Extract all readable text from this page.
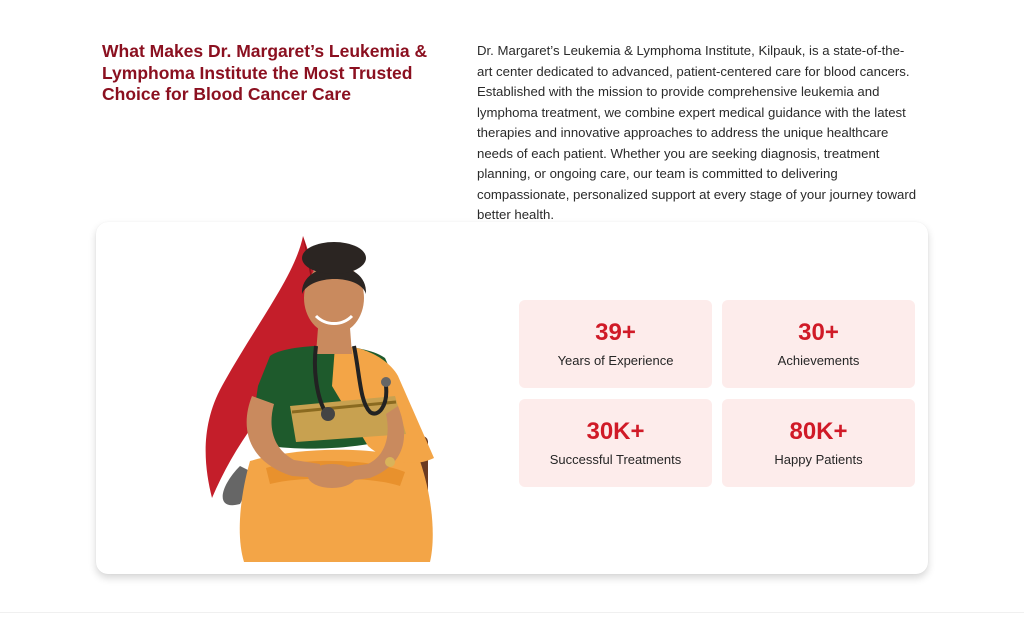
What Makes Dr. Margaret’s Leukemia & Lymphoma Institute the Most Trusted Choice for Blood Cancer Care

Dr. Margaret’s Leukemia & Lymphoma Institute, Kilpauk, is a state-of-the-art center dedicated to advanced, patient-centered care for blood cancers. Established with the mission to provide comprehensive leukemia and lymphoma treatment, we combine expert medical guidance with the latest therapies and innovative approaches to address the unique healthcare needs of each patient. Whether you are seeking diagnosis, treatment planning, or ongoing care, our team is committed to delivering compassionate, personalized support at every stage of your journey toward better health.

39+
Years of Experience
30+
Achievements
30K+
Successful Treatments
80K+
Happy Patients
